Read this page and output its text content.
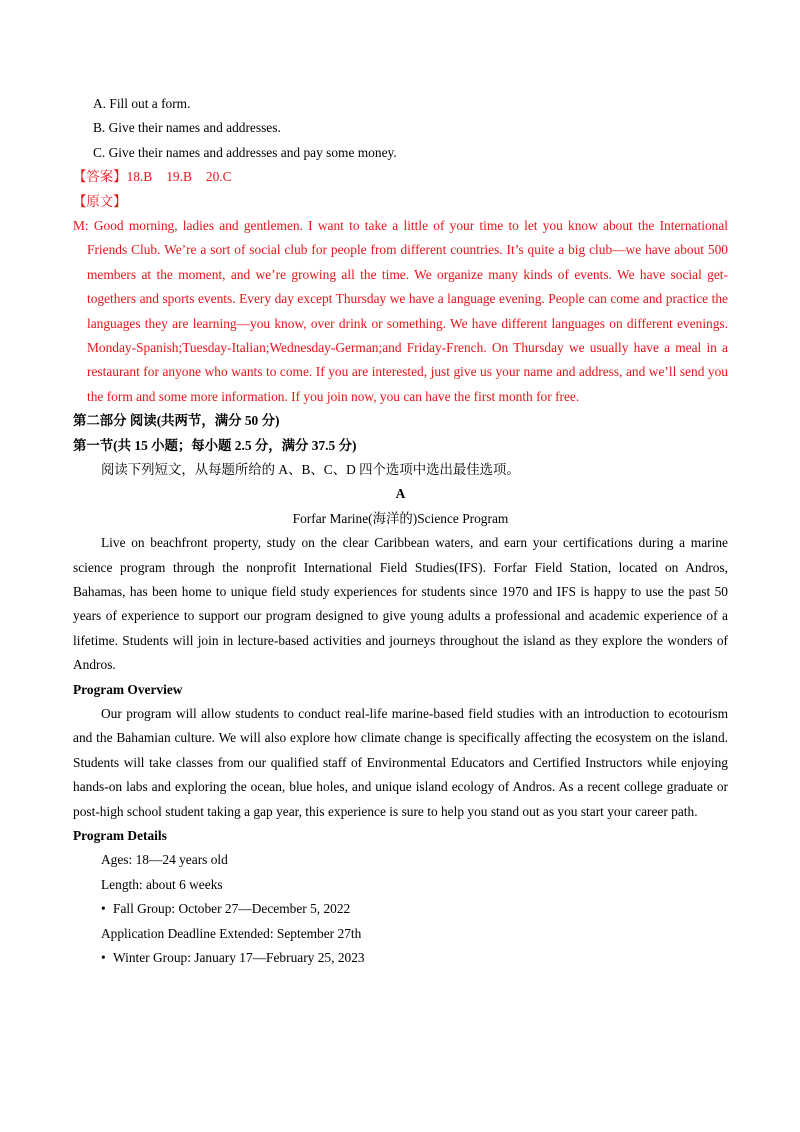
A. Fill out a form.
B. Give their names and addresses.
C. Give their names and addresses and pay some money.
【答案】18.B 19.B 20.C
【原文】
M: Good morning, ladies and gentlemen. I want to take a little of your time to let you know about the International Friends Club. We’re a sort of social club for people from different countries. It’s quite a big club—we have about 500 members at the moment, and we’re growing all the time. We organize many kinds of events. We have social get-togethers and sports events. Every day except Thursday we have a language evening. People can come and practice the languages they are learning—you know, over drink or something. We have different languages on different evenings. Monday-Spanish;Tuesday-Italian;Wednesday-German;and Friday-French. On Thursday we usually have a meal in a restaurant for anyone who wants to come. If you are interested, just give us your name and address, and we’ll send you the form and some more information. If you join now, you can have the first month for free.
第二部分 阅读(共两节，满分 50 分)
第一节(共 15 小题；每小题 2.5 分，满分 37.5 分)
阅读下列短文，从每题所给的 A、B、C、D 四个选项中选出最佳选项。
A
Forfar Marine(海洋的)Science Program
Live on beachfront property, study on the clear Caribbean waters, and earn your certifications during a marine science program through the nonprofit International Field Studies(IFS). Forfar Field Station, located on Andros, Bahamas, has been home to unique field study experiences for students since 1970 and IFS is happy to use the past 50 years of experience to support our program designed to give young adults a professional and academic experience of a lifetime. Students will join in lecture-based activities and journeys throughout the island as they explore the wonders of Andros.
Program Overview
Our program will allow students to conduct real-life marine-based field studies with an introduction to ecotourism and the Bahamian culture. We will also explore how climate change is specifically affecting the ecosystem on the island. Students will take classes from our qualified staff of Environmental Educators and Certified Instructors while enjoying hands-on labs and exploring the ocean, blue holes, and unique island ecology of Andros. As a recent college graduate or post-high school student taking a gap year, this experience is sure to help you stand out as you start your career path.
Program Details
Ages: 18—24 years old
Length: about 6 weeks
• Fall Group: October 27—December 5, 2022
Application Deadline Extended: September 27th
• Winter Group: January 17—February 25, 2023
